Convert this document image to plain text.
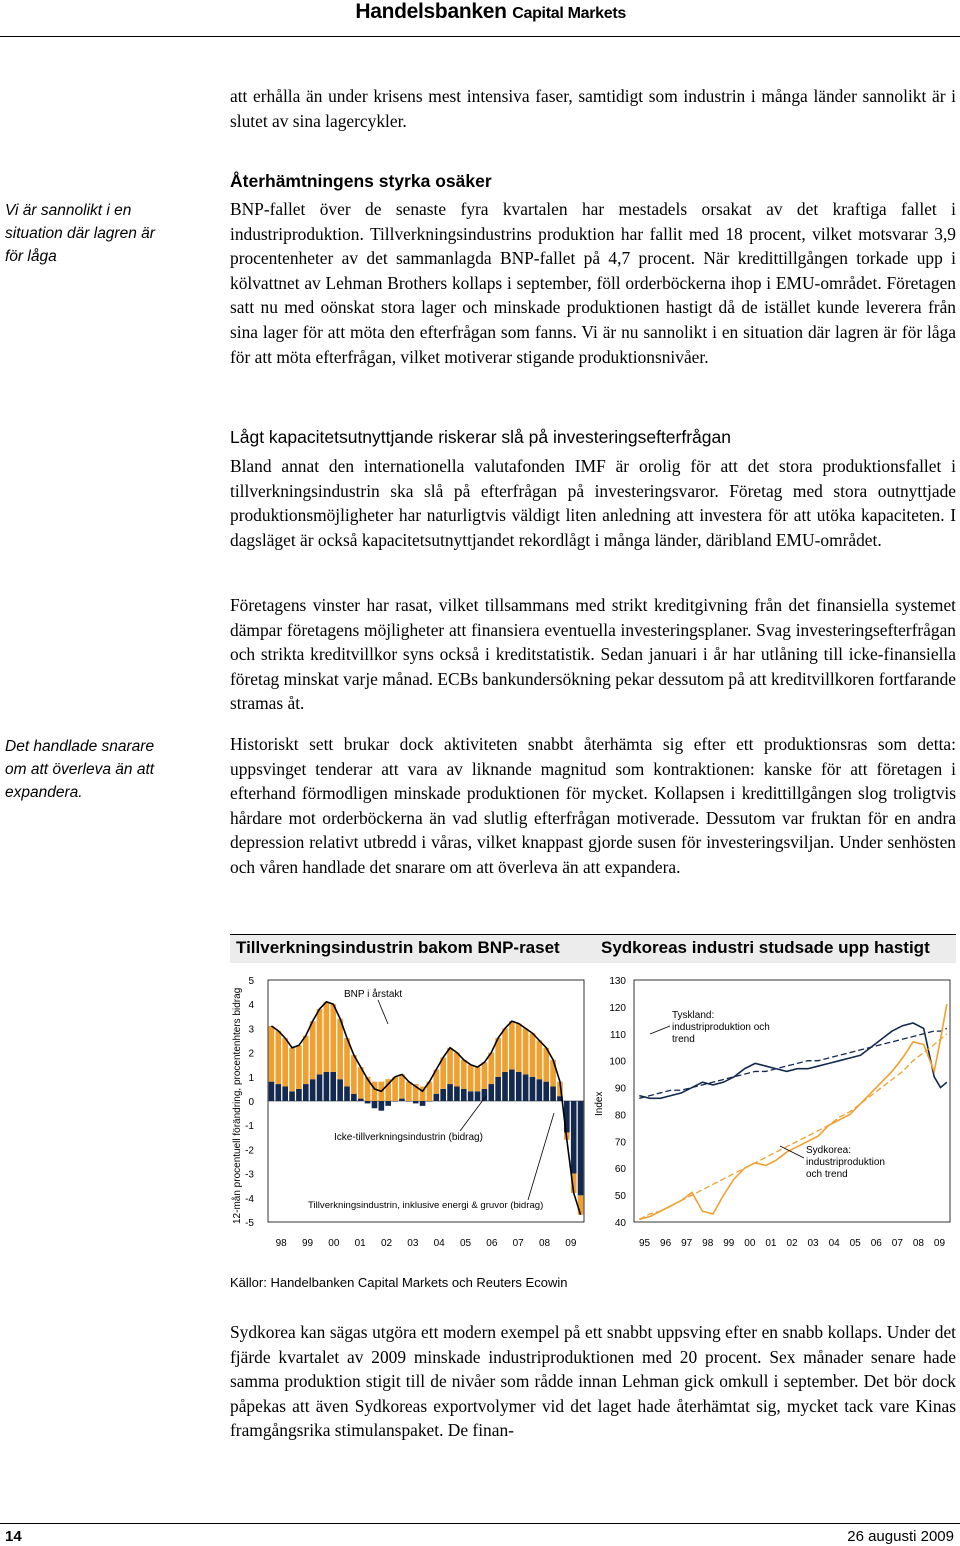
Handelsbanken Capital Markets
att erhålla än under krisens mest intensiva faser, samtidigt som industrin i många länder sannolikt är i slutet av sina lagercykler.
Vi är sannolikt i en situation där lagren är för låga
Återhämtningens styrka osäker
BNP-fallet över de senaste fyra kvartalen har mestadels orsakat av det kraftiga fallet i industriproduktion. Tillverkningsindustrins produktion har fallit med 18 procent, vilket motsvarar 3,9 procentenheter av det sammanlagda BNP-fallet på 4,7 procent. När kredittillgången torkade upp i kölvattnet av Lehman Brothers kollaps i september, föll orderböckerna ihop i EMU-området. Företagen satt nu med oönskat stora lager och minskade produktionen hastigt då de istället kunde leverera från sina lager för att möta den efterfrågan som fanns. Vi är nu sannolikt i en situation där lagren är för låga för att möta efterfrågan, vilket motiverar stigande produktionsnivåer.
Lågt kapacitetsutnyttjande riskerar slå på investeringsefterfrågan
Bland annat den internationella valutafonden IMF är orolig för att det stora produktionsfallet i tillverkningsindustrin ska slå på efterfrågan på investeringsvaror. Företag med stora outnyttjade produktionsmöjligheter har naturligtvis väldigt liten anledning att investera för att utöka kapaciteten. I dagsläget är också kapacitetsutnyttjandet rekordlågt i många länder, däribland EMU-området.
Företagens vinster har rasat, vilket tillsammans med strikt kreditgivning från det finansiella systemet dämpar företagens möjligheter att finansiera eventuella investeringsplaner. Svag investeringsefterfrågan och strikta kreditvillkor syns också i kreditstatistik. Sedan januari i år har utlåning till icke-finansiella företag minskat varje månad. ECBs bankundersökning pekar dessutom på att kreditvillkoren fortfarande stramas åt.
Det handlade snarare om att överleva än att expandera.
Historiskt sett brukar dock aktiviteten snabbt återhämta sig efter ett produktionsras som detta: uppsvinget tenderar att vara av liknande magnitud som kontraktionen: kanske för att företagen i efterhand förmodligen minskade produktionen för mycket. Kollapsen i kredittillgången slog troligtvis hårdare mot orderböckerna än vad slutlig efterfrågan motiverade. Dessutom var fruktan för en andra depression relativt utbredd i våras, vilket knappast gjorde susen för investeringsviljan. Under senhösten och våren handlade det snarare om att överleva än att expandera.
Tillverkningsindustrin bakom BNP-raset Sydkoreas industri studsade upp hastigt
5
4
3
2
1
0
-1
-2
-3
-4
-5
12-mån procentuell förändring, procentenhters bidrag
98 99 00 01 02 03 04 05 06 07 08 09
BNP i årstakt
Icke-tillverkningsindustrin (bidrag)
Tillverkningsindustrin, inklusive energi & gruvor (bidrag)
130
120
110
100
90
80
70
60
50
40
Index
95 96 97 98 99 00 01 02 03 04 05 06 07 08 09
Tyskland:
industriproduktion och
trend
Sydkorea:
industriproduktion
och trend
Källor: Handelbanken Capital Markets och Reuters Ecowin
Sydkorea kan sägas utgöra ett modern exempel på ett snabbt uppsving efter en snabb kollaps. Under det fjärde kvartalet av 2009 minskade industriproduktionen med 20 procent. Sex månader senare hade samma produktion stigit till de nivåer som rådde innan Lehman gick omkull i september. Det bör dock påpekas att även Sydkoreas exportvolymer vid det laget hade återhämtat sig, mycket tack vare Kinas framgångsrika stimulanspaket. De finan-
14	26 augusti 2009
